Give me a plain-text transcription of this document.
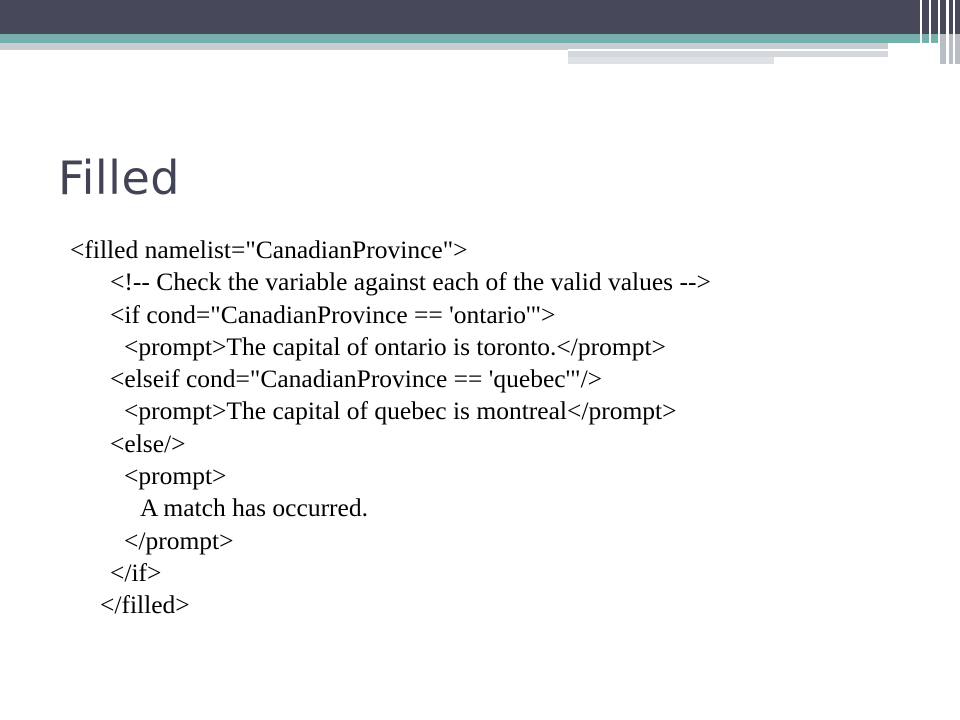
Filled
<filled namelist="CanadianProvince">
<!-- Check the variable against each of the valid values -->
<if cond="CanadianProvince == 'ontario'">
<prompt>The capital of ontario is toronto.</prompt>
<elseif cond="CanadianProvince == 'quebec'"/>
<prompt>The capital of quebec is montreal</prompt>
<else/>
<prompt>
A match has occurred.
</prompt>
</if>
</filled>
